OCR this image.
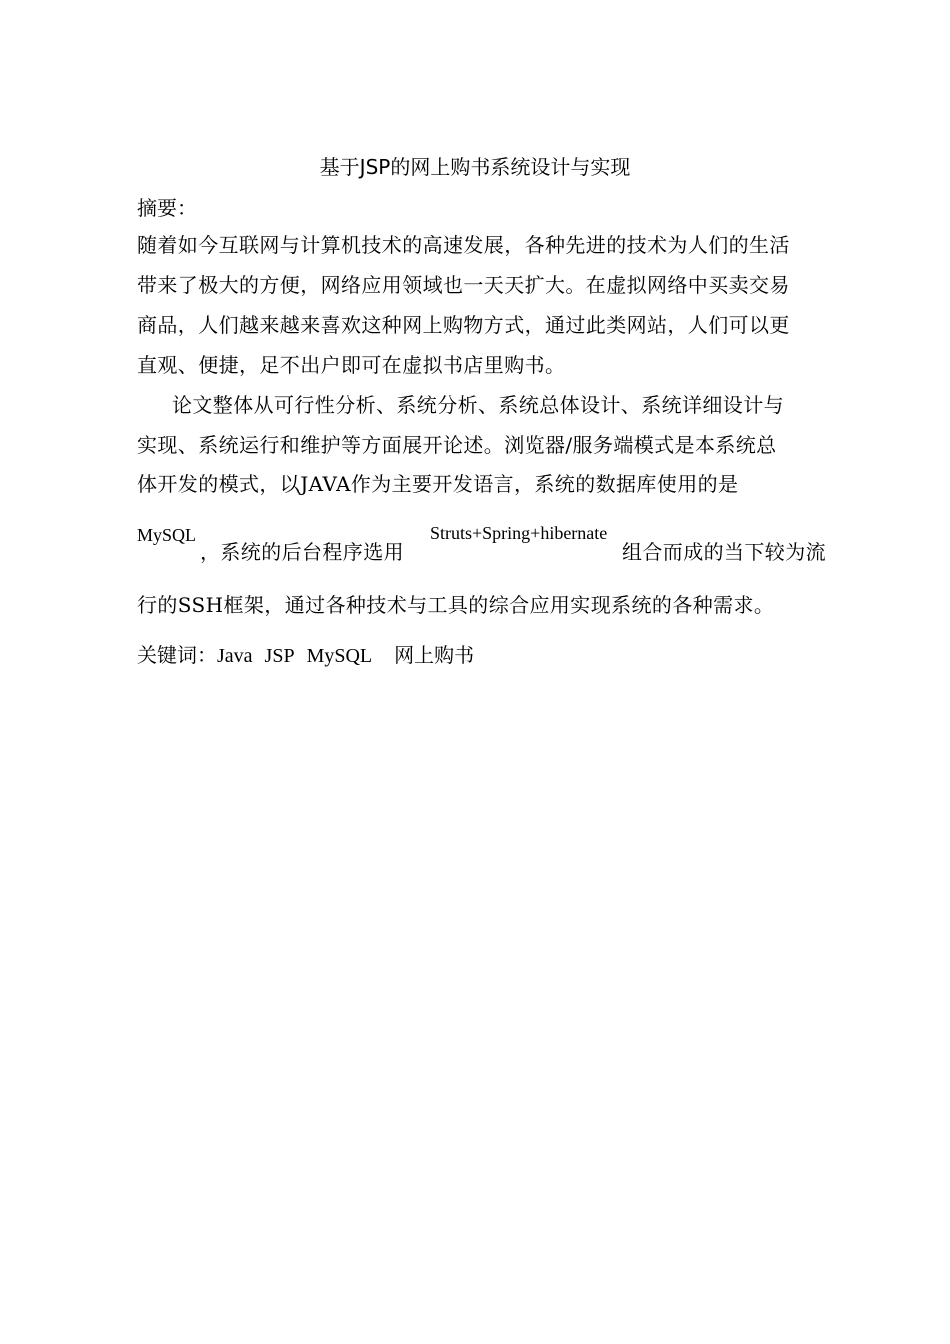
基于JSP的网上购书系统设计与实现
摘要：
随着如今互联网与计算机技术的高速发展，各种先进的技术为人们的生活
带来了极大的方便，网络应用领域也一天天扩大。在虚拟网络中买卖交易
商品，人们越来越来喜欢这种网上购物方式，通过此类网站，人们可以更
直观、便捷，足不出户即可在虚拟书店里购书。
论文整体从可行性分析、系统分析、系统总体设计、系统详细设计与
实现、系统运行和维护等方面展开论述。浏览器/服务端模式是本系统总
体开发的模式，以JAVA作为主要开发语言，系统的数据库使用的是
MySQL
，系统的后台程序选用
Struts+Spring+hibernate
组合而成的当下较为流
行的SSH框架，通过各种技术与工具的综合应用实现系统的各种需求。
关键词：Java JSP MySQL 网上购书
